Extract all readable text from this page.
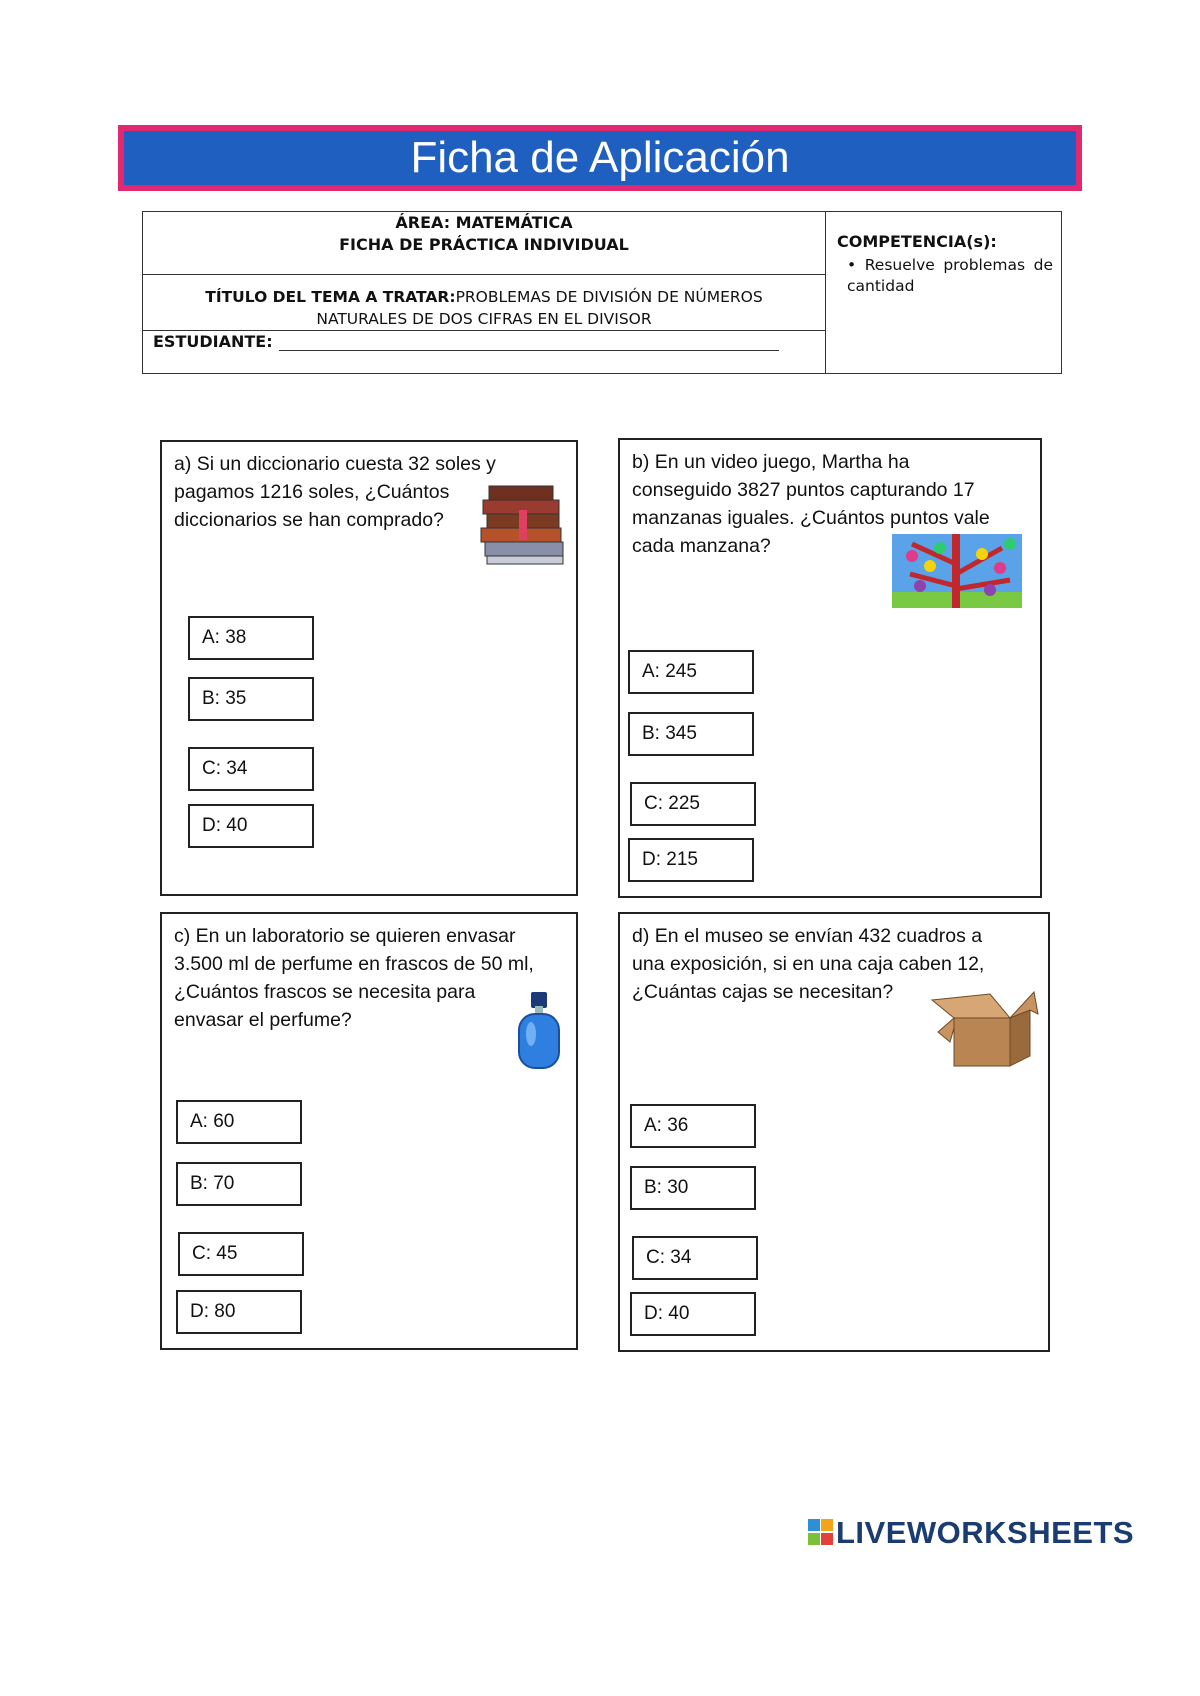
Ficha de Aplicación
ÁREA: MATEMÁTICA
FICHA DE PRÁCTICA INDIVIDUAL
TÍTULO DEL TEMA A TRATAR:PROBLEMAS DE DIVISIÓN DE NÚMEROS
NATURALES DE DOS CIFRAS EN EL DIVISOR
ESTUDIANTE:
COMPETENCIA(s):
• Resuelve problemas de cantidad
a) Si un diccionario cuesta 32 soles y
pagamos 1216 soles, ¿Cuántos
diccionarios se han comprado?
A: 38
B: 35
C: 34
D: 40
b) En un video juego, Martha ha
conseguido 3827 puntos capturando 17
manzanas iguales. ¿Cuántos puntos vale
cada manzana?
A: 245
B: 345
C: 225
D: 215
c) En un laboratorio se quieren envasar
3.500 ml de perfume en frascos de 50 ml,
¿Cuántos frascos se necesita para
envasar el perfume?
A: 60
B: 70
C: 45
D: 80
d) En el museo se envían 432 cuadros a
una exposición, si en una caja caben 12,
¿Cuántas cajas se necesitan?
A: 36
B: 30
C: 34
D: 40
LIVEWORKSHEETS
